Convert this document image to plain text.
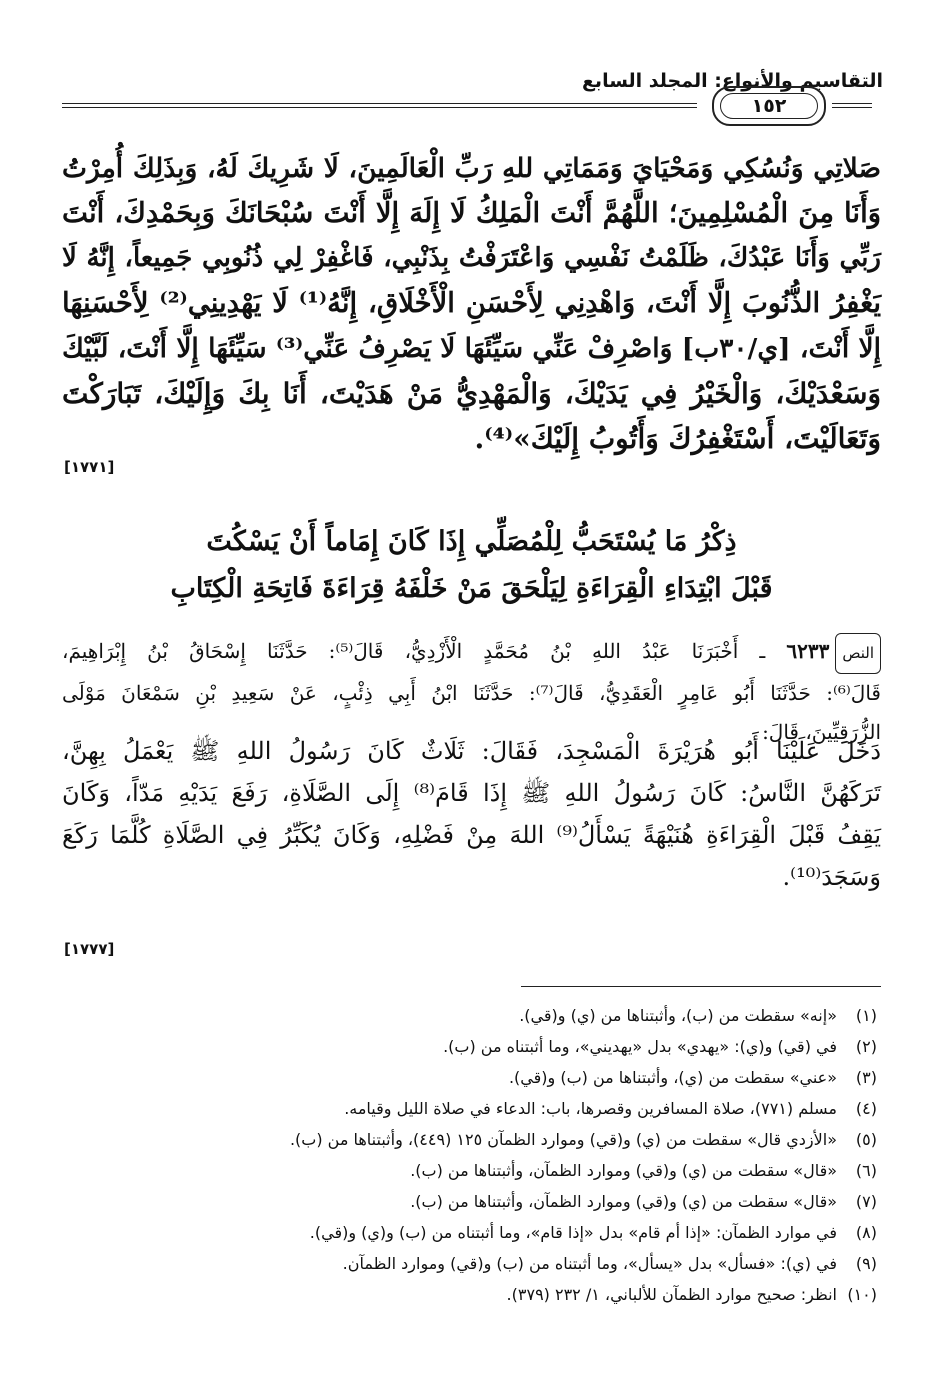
التقاسيم والأنواع: المجلد السابع
١٥٢
صَلاتِي وَنُسُكِي وَمَحْيَايَ وَمَمَاتِي للهِ رَبِّ الْعَالَمِينَ، لَا شَرِيكَ لَهُ، وَبِذَلِكَ أُمِرْتُ
وَأَنَا مِنَ الْمُسْلِمِينَ؛ اللَّهُمَّ أَنْتَ الْمَلِكُ لَا إِلَهَ إِلَّا أَنْتَ سُبْحَانَكَ وَبِحَمْدِكَ، أَنْتَ
رَبِّي وَأَنَا عَبْدُكَ، ظَلَمْتُ نَفْسِي وَاعْتَرَفْتُ بِذَنْبِي، فَاغْفِرْ لِي ذُنُوبِي جَمِيعاً، إِنَّهُ لَا
يَغْفِرُ الذُّنُوبَ إِلَّا أَنْتَ، وَاهْدِنِي لِأَحْسَنِ الْأَخْلَاقِ، إِنَّهُ⁽¹⁾ لَا يَهْدِينِي⁽²⁾ لِأَحْسَنِهَا
إِلَّا أَنْتَ، [ي/٣٠ب] وَاصْرِفْ عَنِّي سَيِّئَهَا لَا يَصْرِفُ عَنِّي⁽³⁾ سَيِّئَهَا إِلَّا أَنْتَ، لَبَّيْكَ
وَسَعْدَيْكَ، وَالْخَيْرُ فِي يَدَيْكَ، وَالْمَهْدِيُّ مَنْ هَدَيْتَ، أَنَا بِكَ وَإِلَيْكَ، تَبَارَكْتَ
وَتَعَالَيْتَ، أَسْتَغْفِرُكَ وَأَتُوبُ إِلَيْكَ»⁽⁴⁾.
[١٧٧١]
ذِكْرُ مَا يُسْتَحَبُّ لِلْمُصَلِّي إِذَا كَانَ إِمَاماً أَنْ يَسْكُتَ
قَبْلَ ابْتِدَاءِ الْقِرَاءَةِ لِيَلْحَقَ مَنْ خَلْفَهُ قِرَاءَةَ فَاتِحَةِ الْكِتَابِ
النص٦٢٣٣ ـ أَخْبَرَنَا عَبْدُ اللهِ بْنُ مُحَمَّدٍ الْأَزْدِيُّ، قَالَ⁽⁵⁾: حَدَّثَنَا إِسْحَاقُ بْنُ إِبْرَاهِيمَ،
قَالَ⁽⁶⁾: حَدَّثَنَا أَبُو عَامِرٍ الْعَقَدِيُّ، قَالَ⁽⁷⁾: حَدَّثَنَا ابْنُ أَبِي ذِئْبٍ، عَنْ سَعِيدِ بْنِ سَمْعَانَ مَوْلَى
الزُّرَقِيِّينَ، قَالَ:
دَخَلَ عَلَيْنَا أَبُو هُرَيْرَةَ الْمَسْجِدَ، فَقَالَ: ثَلَاثٌ كَانَ رَسُولُ اللهِ ﷺ يَعْمَلُ بِهِنَّ،
تَرَكَهُنَّ النَّاسُ: كَانَ رَسُولُ اللهِ ﷺ إِذَا قَامَ⁽⁸⁾ إِلَى الصَّلَاةِ، رَفَعَ يَدَيْهِ مَدّاً، وَكَانَ
يَقِفُ قَبْلَ الْقِرَاءَةِ هُنَيْهَةً يَسْأَلُ⁽⁹⁾ اللهَ مِنْ فَضْلِهِ، وَكَانَ يُكَبِّرُ فِي الصَّلَاةِ كُلَّمَا رَكَعَ
وَسَجَدَ⁽¹⁰⁾.
[١٧٧٧]
(١)
«إنه» سقطت من (ب)، وأثبتناها من (ي) و(قي).
(٢)
في (قي) و(ي): «يهدي» بدل «يهديني»، وما أثبتناه من (ب).
(٣)
«عني» سقطت من (ي)، وأثبتناها من (ب) و(قي).
(٤)
مسلم (٧٧١)، صلاة المسافرين وقصرها، باب: الدعاء في صلاة الليل وقيامه.
(٥)
«الأزدي قال» سقطت من (ي) و(قي) وموارد الظمآن ١٢٥ (٤٤٩)، وأثبتناها من (ب).
(٦)
«قال» سقطت من (ي) و(قي) وموارد الظمآن، وأثبتناها من (ب).
(٧)
«قال» سقطت من (ي) و(قي) وموارد الظمآن، وأثبتناها من (ب).
(٨)
في موارد الظمآن: «إذا أم قام» بدل «إذا قام»، وما أثبتناه من (ب) و(ي) و(قي).
(٩)
في (ي): «فسأل» بدل «يسأل»، وما أثبتناه من (ب) و(قي) وموارد الظمآن.
(١٠)
انظر: صحيح موارد الظمآن للألباني، ١/ ٢٣٢ (٣٧٩).
